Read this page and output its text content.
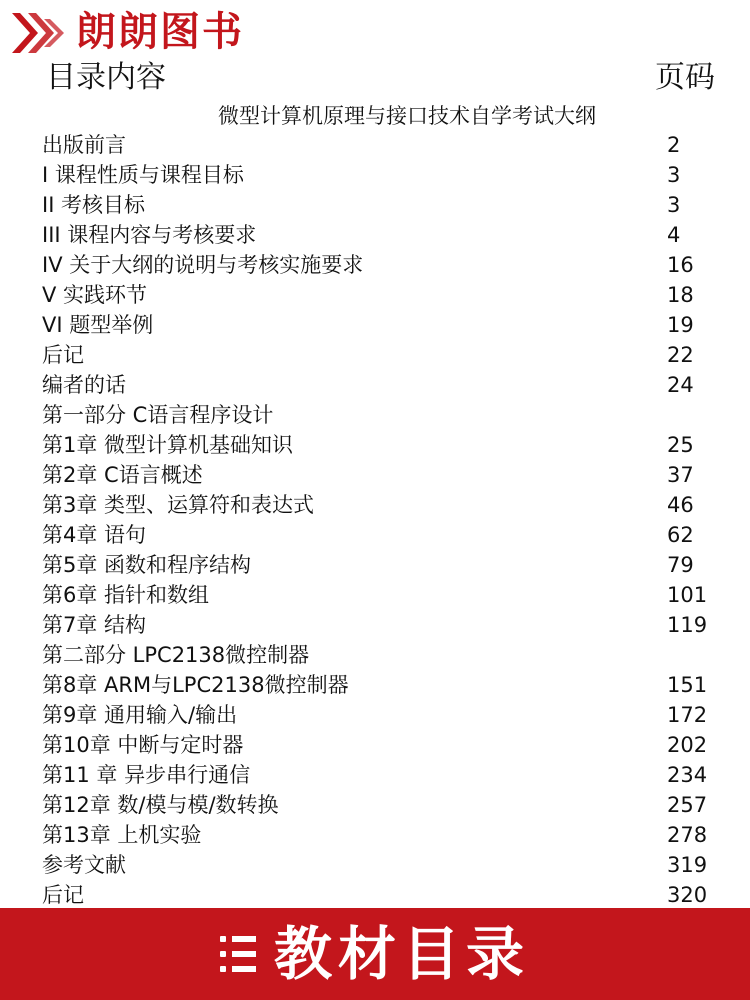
朗朗图书
目录内容	页码
微型计算机原理与接口技术自学考试大纲
出版前言	2
I 课程性质与课程目标	3
II 考核目标	3
III 课程内容与考核要求	4
IV 关于大纲的说明与考核实施要求	16
V 实践环节	18
VI 题型举例	19
后记	22
编者的话	24
第一部分 C语言程序设计
第1章 微型计算机基础知识	25
第2章 C语言概述	37
第3章 类型、运算符和表达式	46
第4章 语句	62
第5章 函数和程序结构	79
第6章 指针和数组	101
第7章 结构	119
第二部分 LPC2138微控制器
第8章 ARM与LPC2138微控制器	151
第9章 通用输入/输出	172
第10章 中断与定时器	202
第11 章 异步串行通信	234
第12章 数/模与模/数转换	257
第13章 上机实验	278
参考文献	319
后记	320
教材目录
